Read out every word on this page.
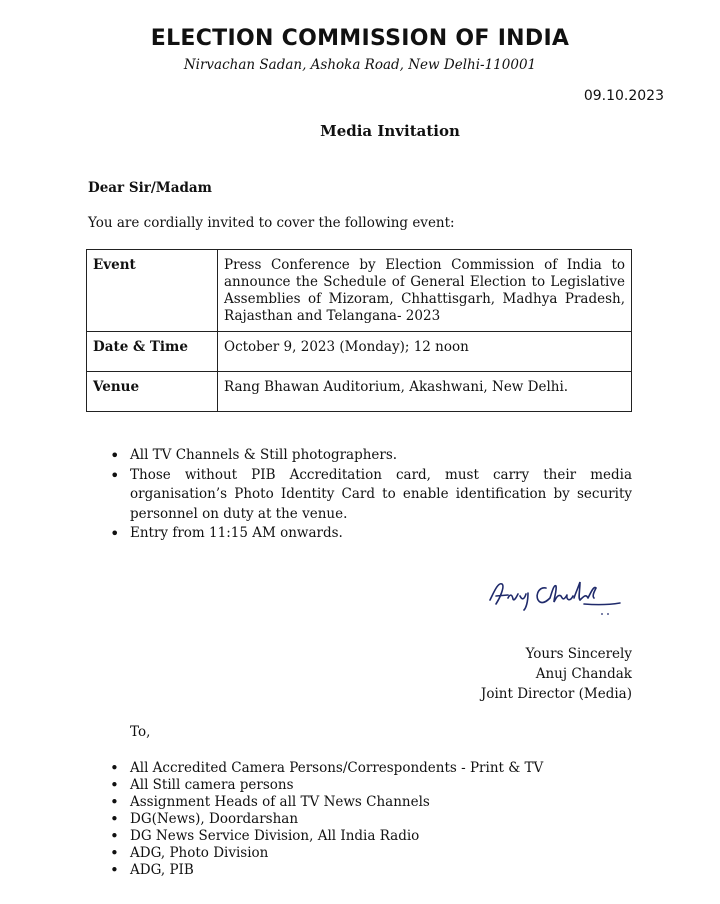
ELECTION COMMISSION OF INDIA
Nirvachan Sadan, Ashoka Road, New Delhi-110001
09.10.2023
Media Invitation
Dear Sir/Madam
You are cordially invited to cover the following event:
Event	Press Conference by Election Commission of India to announce the Schedule of General Election to Legislative Assemblies of Mizoram, Chhattisgarh, Madhya Pradesh, Rajasthan and Telangana- 2023
Date & Time	October 9, 2023 (Monday); 12 noon
Venue	Rang Bhawan Auditorium, Akashwani, New Delhi.
• All TV Channels & Still photographers.
• Those without PIB Accreditation card, must carry their media organisation’s Photo Identity Card to enable identification by security personnel on duty at the venue.
• Entry from 11:15 AM onwards.
Yours Sincerely
Anuj Chandak
Joint Director (Media)
To,
• All Accredited Camera Persons/Correspondents - Print & TV
• All Still camera persons
• Assignment Heads of all TV News Channels
• DG(News), Doordarshan
• DG News Service Division, All India Radio
• ADG, Photo Division
• ADG, PIB
